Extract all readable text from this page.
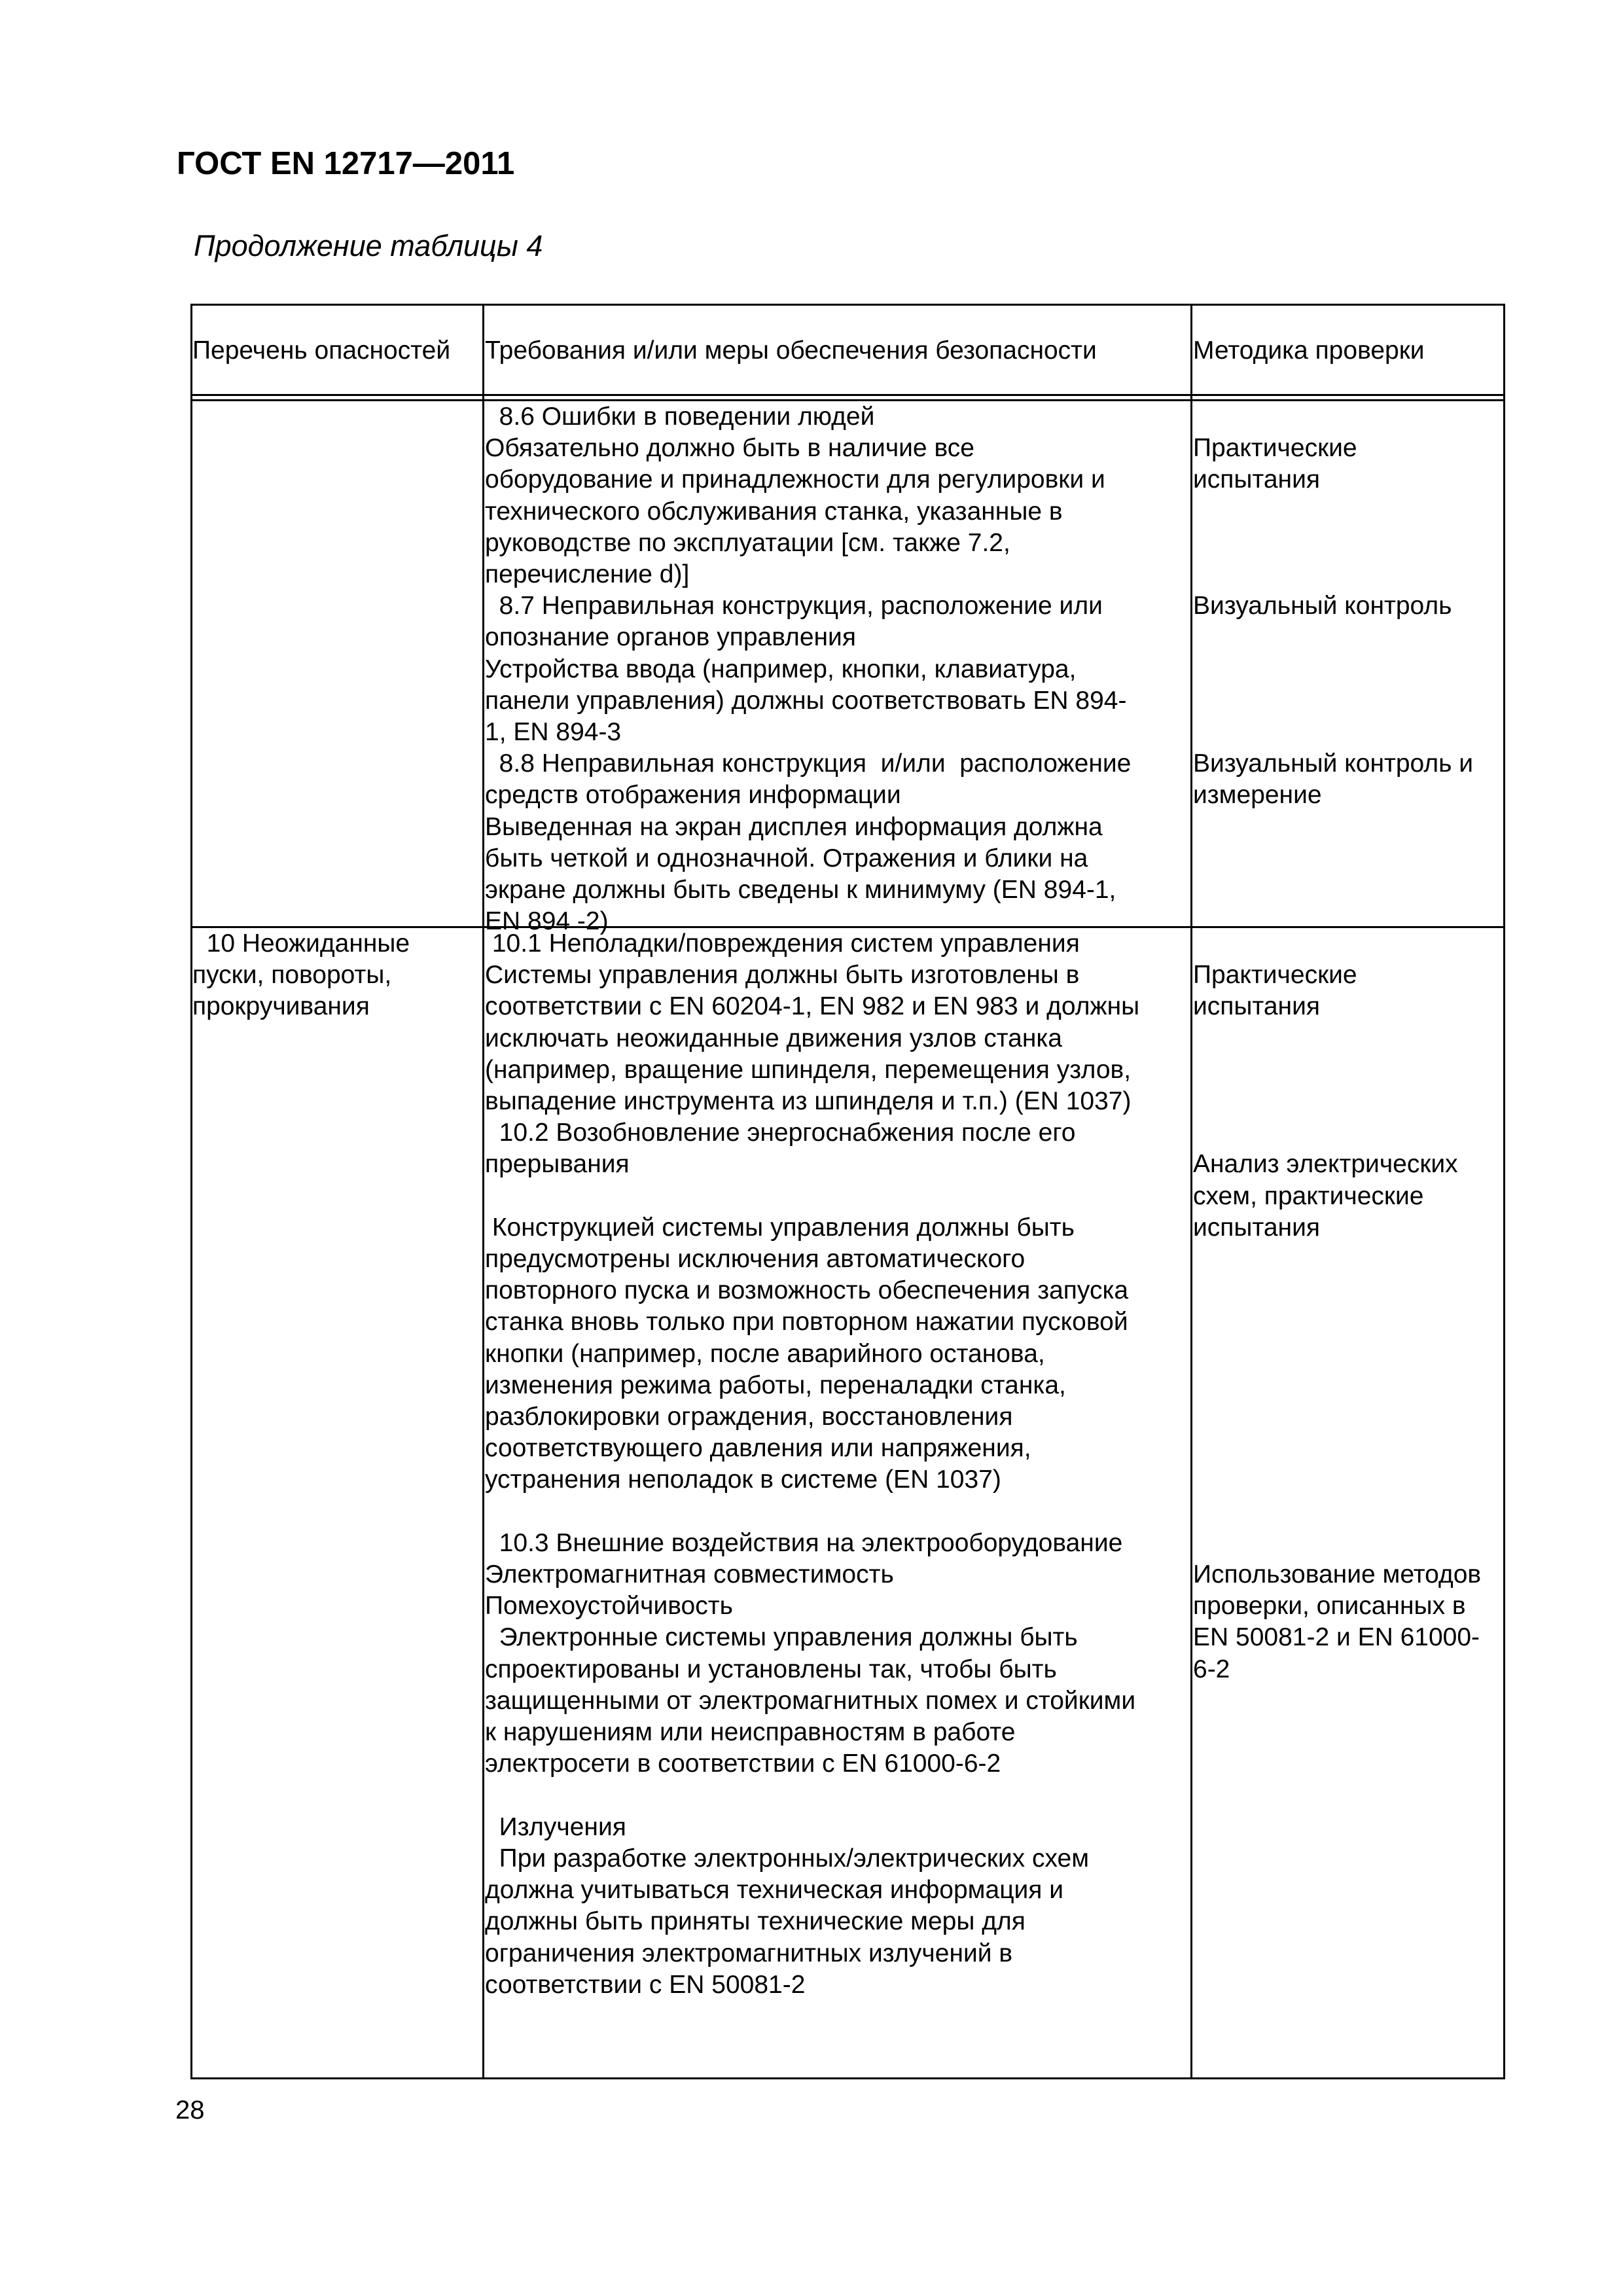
ГОСТ EN 12717—2011
Продолжение таблицы 4
Перечень опасностей Требования и/или меры обеспечения безопасности	Методика проверки
8.6 Ошибки в поведении людей
Обязательно должно быть в наличие все
оборудование и принадлежности для регулировки и
технического обслуживания станка, указанные в
руководстве по эксплуатации [см. также 7.2,
перечисление d)]
8.7 Неправильная конструкция, расположение или
опознание органов управления
Устройства ввода (например, кнопки, клавиатура,
панели управления) должны соответствовать EN 894-
1, EN 894-3
8.8 Неправильная конструкция  и/или  расположение
средств отображения информации
Выведенная на экран дисплея информация должна
быть четкой и однозначной. Отражения и блики на
экране должны быть сведены к минимуму (EN 894-1,
EN 894 -2)

Практические
испытания

Визуальный контроль

Визуальный контроль и
измерение
10 Неожиданные
пуски, повороты,
прокручивания
10.1 Неполадки/повреждения систем управления
Системы управления должны быть изготовлены в
соответствии с EN 60204-1, EN 982 и EN 983 и должны
исключать неожиданные движения узлов станка
(например, вращение шпинделя, перемещения узлов,
выпадение инструмента из шпинделя и т.п.) (EN 1037)
10.2 Возобновление энергоснабжения после его
прерывания

Конструкцией системы управления должны быть
предусмотрены исключения автоматического
повторного пуска и возможность обеспечения запуска
станка вновь только при повторном нажатии пусковой
кнопки (например, после аварийного останова,
изменения режима работы, переналадки станка,
разблокировки ограждения, восстановления
соответствующего давления или напряжения,
устранения неполадок в системе (EN 1037)

10.3 Внешние воздействия на электрооборудование
Электромагнитная совместимость
Помехоустойчивость
Электронные системы управления должны быть
спроектированы и установлены так, чтобы быть
защищенными от электромагнитных помех и стойкими
к нарушениям или неисправностям в работе
электросети в соответствии с EN 61000-6-2

Излучения
При разработке электронных/электрических схем
должна учитываться техническая информация и
должны быть приняты технические меры для
ограничения электромагнитных излучений в
соответствии с EN 50081-2

Практические
испытания

Анализ электрических
схем, практические
испытания

Использование методов
проверки, описанных в
EN 50081-2 и EN 61000-
6-2
28
